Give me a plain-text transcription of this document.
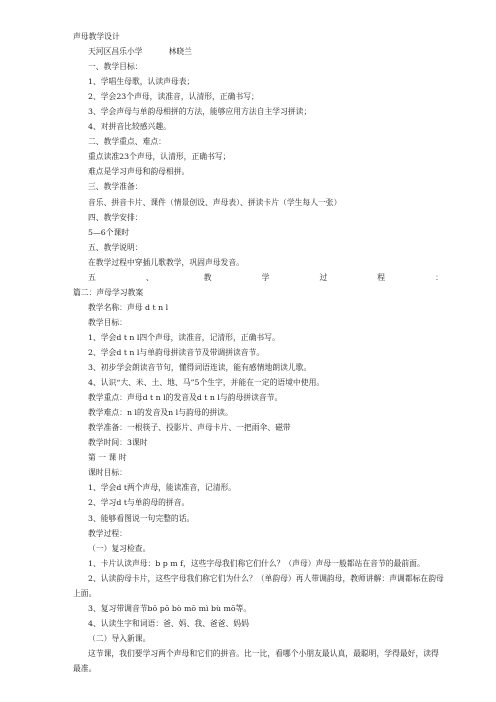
声母教学设计
天河区昌乐小学	林晓兰
一、教学目标：
1、学唱生母歌，认读声母表；
2、学会23个声母，读准音，认清形，正确书写；
3、学会声母与单韵母相拼的方法，能够应用方法自主学习拼读；
4、对拼音比较感兴趣。
二、教学重点、难点：
重点读准23个声母，认清形，正确书写；
难点是学习声母和韵母相拼。
三、教学准备：
音乐、拼音卡片、课件（情景创设、声母表）、拼读卡片（学生每人一张）
四、教学安排：
5—6个课时
五、教学说明：
在教学过程中穿插儿歌教学，巩固声母发音。
五	、	教	学	过	程	：
篇二：声母学习教案
教学名称：声母 d t n l
教学目标：
1、学会d t n l四个声母，读准音，记清形，正确书写。
2、学会d t n l与单韵母拼读音节及带调拼读音节。
3、初步学会朗读音节句，懂得词语连读，能有感情地朗读儿歌。
4、认识“大、米、土、地、马”5个生字，并能在一定的语境中使用。
教学重点：声母d t n l的发音及d t n l与韵母拼读音节。
教学难点：n l的发音及n l与韵母的拼读。
教学准备：一根筷子、投影片、声母卡片、一把雨伞、磁带
教学时间：3课时
第 一 课 时
课时目标：
1、学会d t两个声母，能读准音，记清形。
2、学习d t与单韵母的拼音。
3、能够看图说一句完整的话。
教学过程：
（一）复习检查。
1、卡片认读声母：b p m f，这些字母我们称它们什么？（声母）声母一般都站在音节的最前面。
2、认读韵母卡片，这些字母我们称它们为什么？（单韵母）再人带调韵母，教师讲解：声调都标在韵母上面。
3、复习带调音节bō pō bò mō mì bù mō等。
4、认读生字和词语：爸、妈、我、爸爸、妈妈
（二）导入新课。
这节课，我们要学习两个声母和它们的拼音。比一比，看哪个小朋友最认真，最聪明，学得最好，读得最准。
